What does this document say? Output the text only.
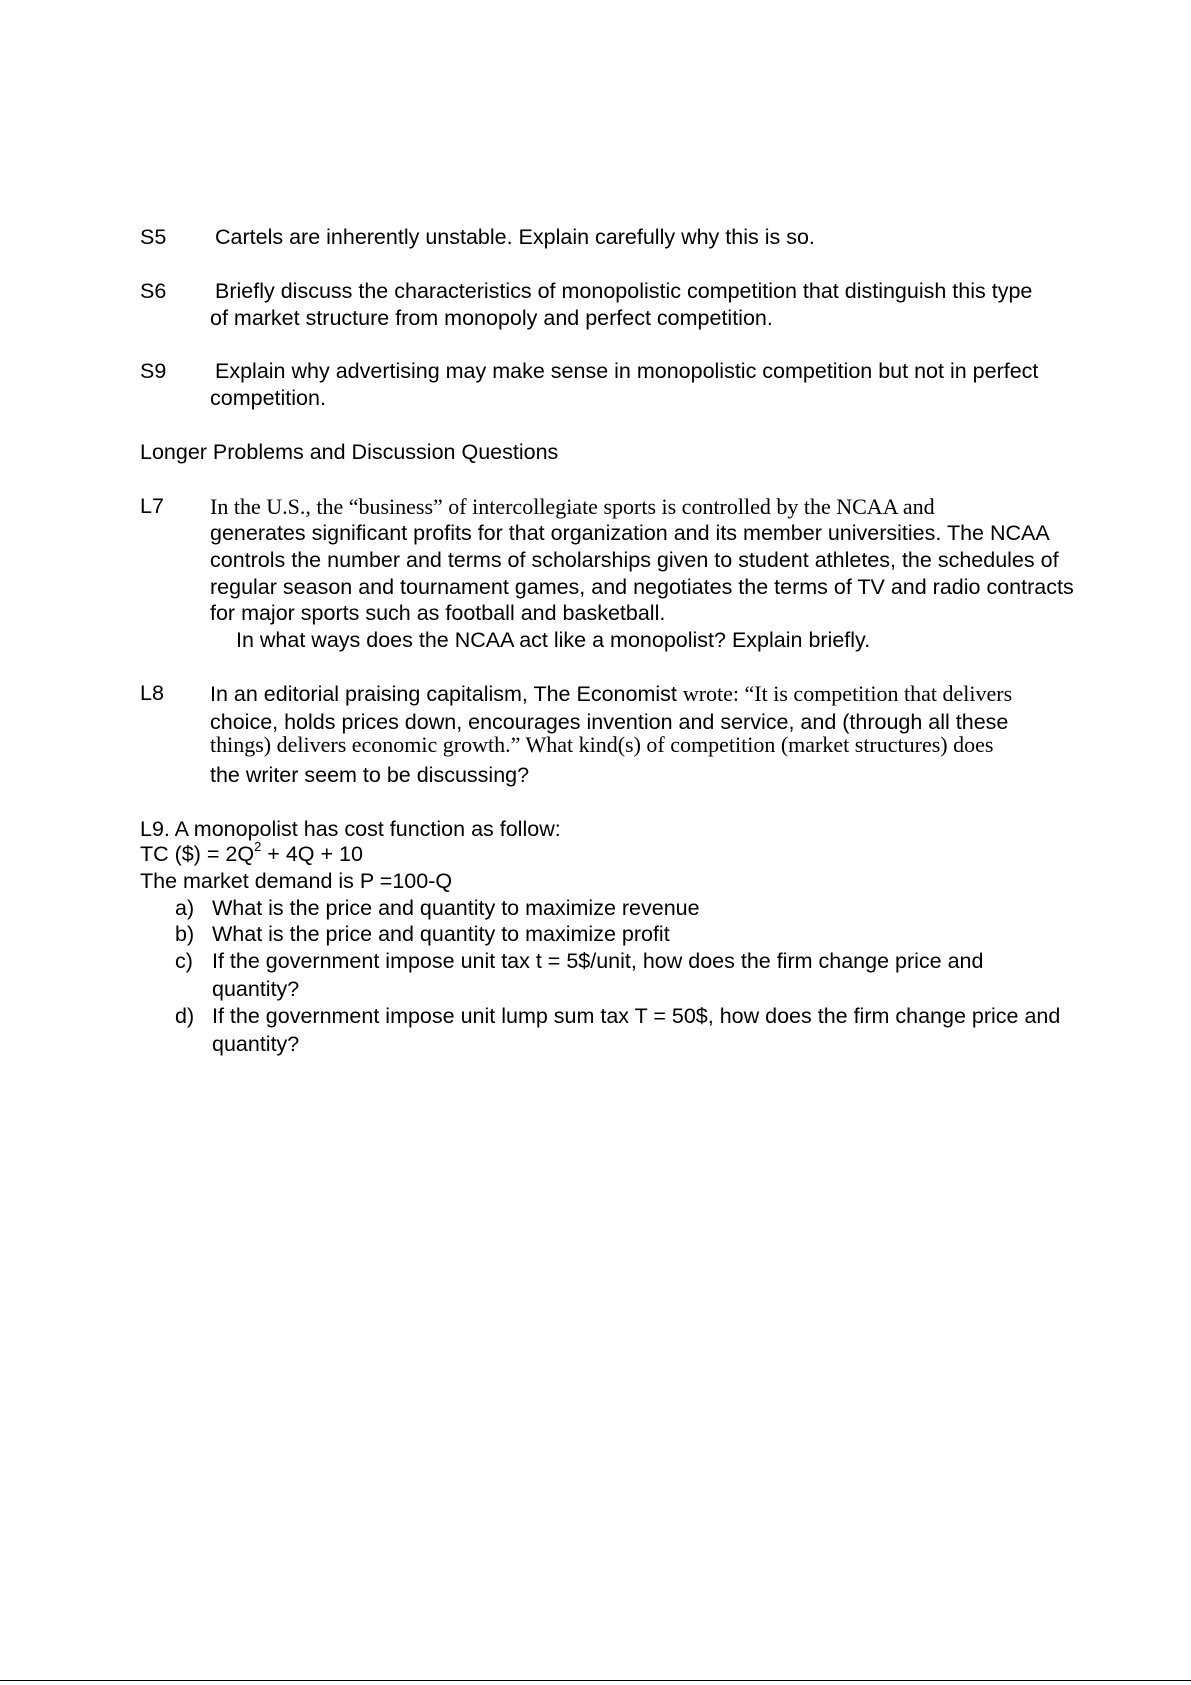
S5 Cartels are inherently unstable. Explain carefully why this is so.
S6 Briefly discuss the characteristics of monopolistic competition that distinguish this type
of market structure from monopoly and perfect competition.
S9 Explain why advertising may make sense in monopolistic competition but not in perfect
competition.
Longer Problems and Discussion Questions
L7 In the U.S., the “business” of intercollegiate sports is controlled by the NCAA and
generates significant profits for that organization and its member universities. The NCAA
controls the number and terms of scholarships given to student athletes, the schedules of
regular season and tournament games, and negotiates the terms of TV and radio contracts
for major sports such as football and basketball.
In what ways does the NCAA act like a monopolist? Explain briefly.
L8 In an editorial praising capitalism, The Economist wrote: “It is competition that delivers
choice, holds prices down, encourages invention and service, and (through all these
things) delivers economic growth.” What kind(s) of competition (market structures) does
the writer seem to be discussing?
L9. A monopolist has cost function as follow:
TC ($) = $2Q^2 + 4Q + 10$
The market demand is P =100-Q
a) What is the price and quantity to maximize revenue
b) What is the price and quantity to maximize profit
c) If the government impose unit tax t = 5$/unit, how does the firm change price and
quantity?
d) If the government impose unit lump sum tax T = 50$, how does the firm change price and
quantity?
